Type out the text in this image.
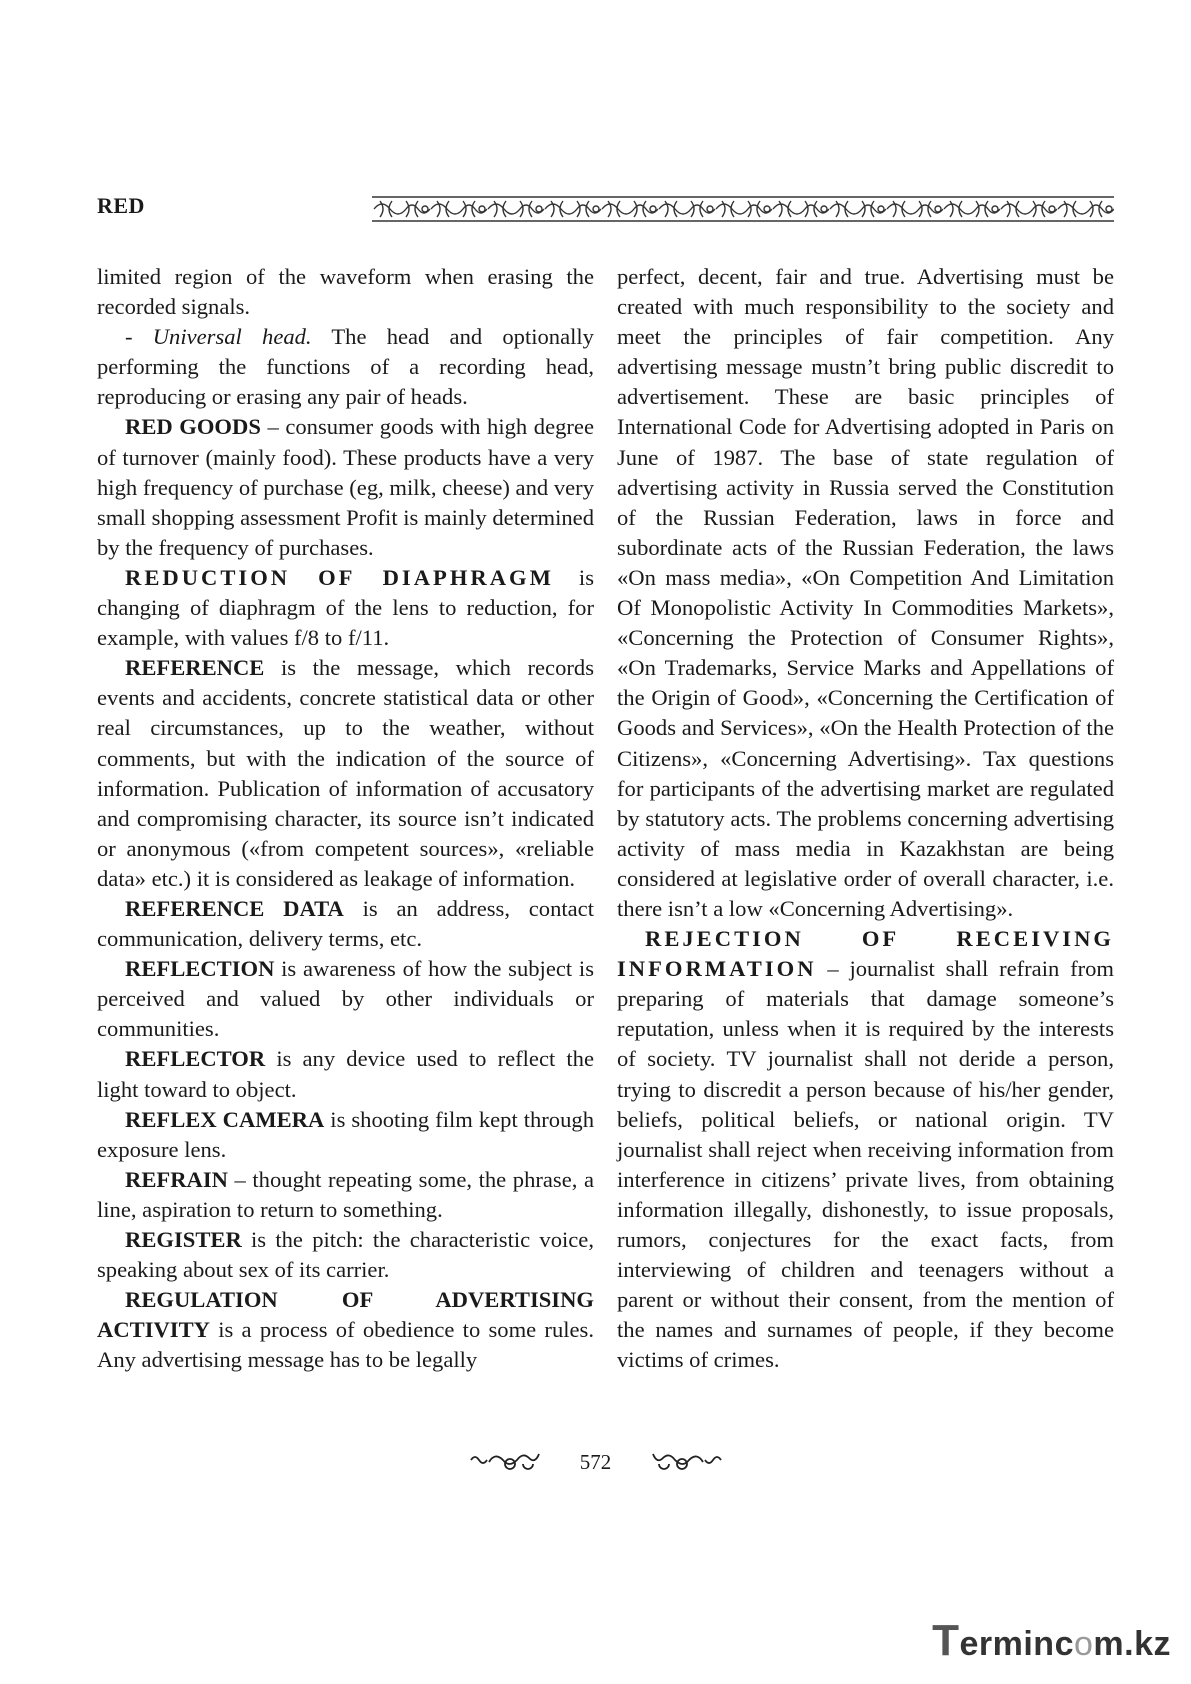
RED

limited region of the waveform when erasing the recorded signals.

- Universal head. The head and optionally performing the functions of a recording head, reproducing or erasing any pair of heads.

RED GOODS – consumer goods with high degree of turnover (mainly food). These products have a very high frequency of purchase (eg, milk, cheese) and very small shopping assessment Profit is mainly determined by the frequency of purchases.

REDUCTION OF DIAPHRAGM is changing of diaphragm of the lens to reduction, for example, with values f/8 to f/11.

REFERENCE is the message, which records events and accidents, concrete statistical data or other real circumstances, up to the weather, without comments, but with the indication of the source of information. Publication of information of accusatory and compromising character, its source isn’t indicated or anonymous («from competent sources», «reliable data» etc.) it is considered as leakage of information.

REFERENCE DATA is an address, contact communication, delivery terms, etc.

REFLECTION is awareness of how the subject is perceived and valued by other individuals or communities.

REFLECTOR is any device used to reflect the light toward to object.

REFLEX CAMERA is shooting film kept through exposure lens.

REFRAIN – thought repeating some, the phrase, a line, aspiration to return to something.

REGISTER is the pitch: the characteristic voice, speaking about sex of its carrier.

REGULATION OF ADVERTISING ACTIVITY is a process of obedience to some rules. Any advertising message has to be legally

perfect, decent, fair and true. Advertising must be created with much responsibility to the society and meet the principles of fair competition. Any advertising message mustn’t bring public discredit to advertisement. These are basic principles of International Code for Advertising adopted in Paris on June of 1987. The base of state regulation of advertising activity in Russia served the Constitution of the Russian Federation, laws in force and subordinate acts of the Russian Federation, the laws «On mass media», «On Competition And Limitation Of Monopolistic Activity In Commodities Markets», «Concerning the Protection of Consumer Rights», «On Trademarks, Service Marks and Appellations of the Origin of Good», «Concerning the Certification of Goods and Services», «On the Health Protection of the Citizens», «Concerning Advertising». Tax questions for participants of the advertising market are regulated by statutory acts. The problems concerning advertising activity of mass media in Kazakhstan are being considered at legislative order of overall character, i.e. there isn’t a low «Concerning Advertising».

REJECTION OF RECEIVING INFORMATION – journalist shall refrain from preparing of materials that damage someone’s reputation, unless when it is required by the interests of society. TV journalist shall not deride a person, trying to discredit a person because of his/her gender, beliefs, political beliefs, or national origin. TV journalist shall reject when receiving information from interference in citizens’ private lives, from obtaining information illegally, dishonestly, to issue proposals, rumors, conjectures for the exact facts, from interviewing of children and teenagers without a parent or without their consent, from the mention of the names and surnames of people, if they become victims of crimes.

572
Termincom.kz
